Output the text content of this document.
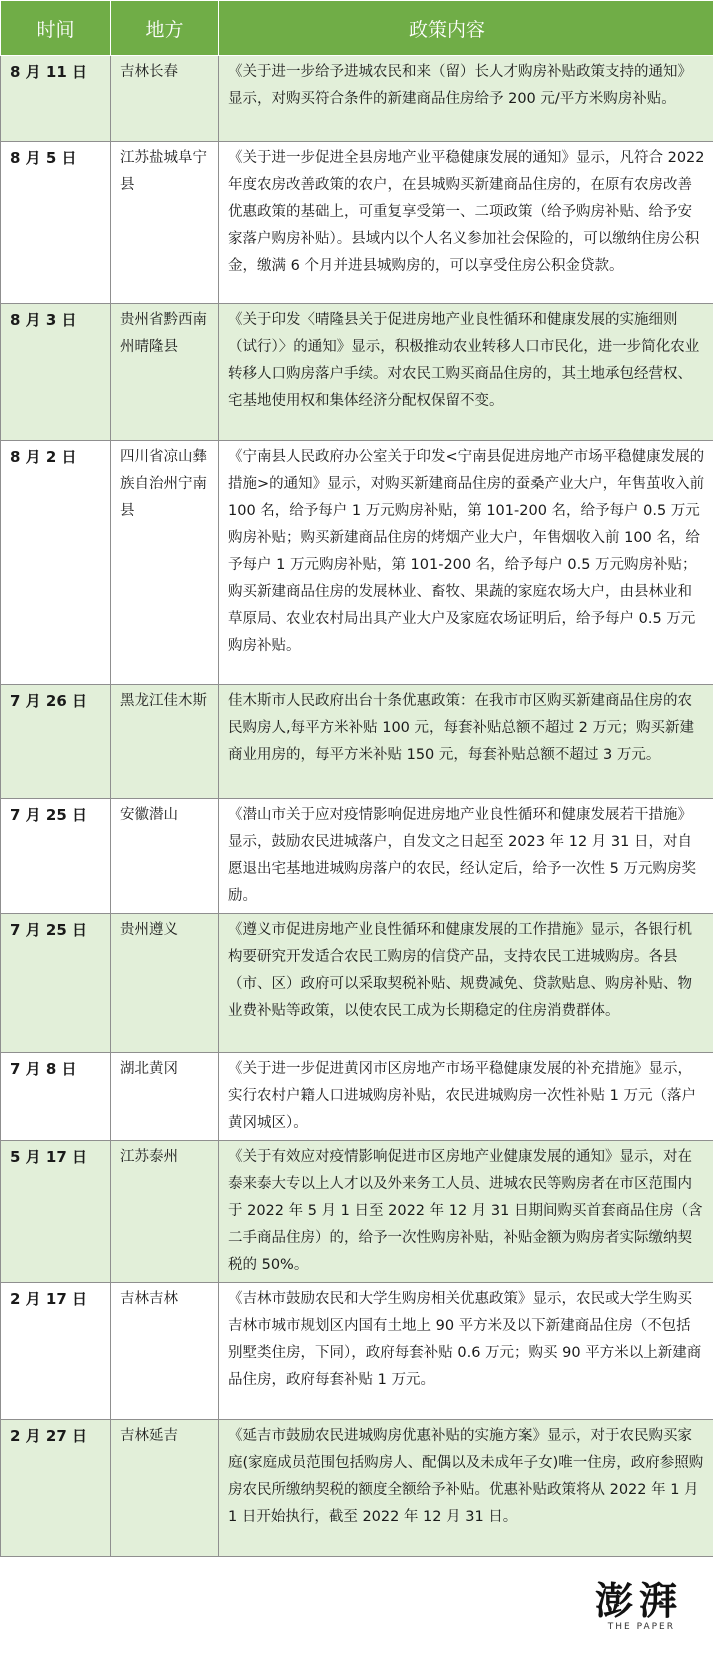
时间	地方	政策内容
8 月 11 日	吉林长春	《关于进一步给予进城农民和来（留）长人才购房补贴政策支持的通知》显示，对购买符合条件的新建商品住房给予 200 元/平方米购房补贴。
8 月 5 日	江苏盐城阜宁县	《关于进一步促进全县房地产业平稳健康发展的通知》显示，凡符合 2022 年度农房改善政策的农户，在县城购买新建商品住房的，在原有农房改善优惠政策的基础上，可重复享受第一、二项政策（给予购房补贴、给予安家落户购房补贴）。县域内以个人名义参加社会保险的，可以缴纳住房公积金，缴满 6 个月并进县城购房的，可以享受住房公积金贷款。
8 月 3 日	贵州省黔西南州晴隆县	《关于印发〈晴隆县关于促进房地产业良性循环和健康发展的实施细则（试行）〉的通知》显示，积极推动农业转移人口市民化，进一步简化农业转移人口购房落户手续。对农民工购买商品住房的，其土地承包经营权、宅基地使用权和集体经济分配权保留不变。
8 月 2 日	四川省凉山彝族自治州宁南县	《宁南县人民政府办公室关于印发<宁南县促进房地产市场平稳健康发展的措施>的通知》显示，对购买新建商品住房的蚕桑产业大户，年售茧收入前 100 名，给予每户 1 万元购房补贴，第 101-200 名，给予每户 0.5 万元购房补贴；购买新建商品住房的烤烟产业大户，年售烟收入前 100 名，给予每户 1 万元购房补贴，第 101-200 名，给予每户 0.5 万元购房补贴；购买新建商品住房的发展林业、畜牧、果蔬的家庭农场大户，由县林业和草原局、农业农村局出具产业大户及家庭农场证明后，给予每户 0.5 万元购房补贴。
7 月 26 日	黑龙江佳木斯	佳木斯市人民政府出台十条优惠政策：在我市市区购买新建商品住房的农民购房人,每平方米补贴 100 元，每套补贴总额不超过 2 万元；购买新建商业用房的，每平方米补贴 150 元，每套补贴总额不超过 3 万元。
7 月 25 日	安徽潜山	《潜山市关于应对疫情影响促进房地产业良性循环和健康发展若干措施》显示，鼓励农民进城落户，自发文之日起至 2023 年 12 月 31 日，对自愿退出宅基地进城购房落户的农民，经认定后，给予一次性 5 万元购房奖励。
7 月 25 日	贵州遵义	《遵义市促进房地产业良性循环和健康发展的工作措施》显示，各银行机构要研究开发适合农民工购房的信贷产品，支持农民工进城购房。各县（市、区）政府可以采取契税补贴、规费减免、贷款贴息、购房补贴、物业费补贴等政策，以使农民工成为长期稳定的住房消费群体。
7 月 8 日	湖北黄冈	《关于进一步促进黄冈市区房地产市场平稳健康发展的补充措施》显示，实行农村户籍人口进城购房补贴，农民进城购房一次性补贴 1 万元（落户黄冈城区）。
5 月 17 日	江苏泰州	《关于有效应对疫情影响促进市区房地产业健康发展的通知》显示，对在泰来泰大专以上人才以及外来务工人员、进城农民等购房者在市区范围内于 2022 年 5 月 1 日至 2022 年 12 月 31 日期间购买首套商品住房（含二手商品住房）的，给予一次性购房补贴，补贴金额为购房者实际缴纳契税的 50%。
2 月 17 日	吉林吉林	《吉林市鼓励农民和大学生购房相关优惠政策》显示，农民或大学生购买吉林市城市规划区内国有土地上 90 平方米及以下新建商品住房（不包括别墅类住房，下同），政府每套补贴 0.6 万元；购买 90 平方米以上新建商品住房，政府每套补贴 1 万元。
2 月 27 日	吉林延吉	《延吉市鼓励农民进城购房优惠补贴的实施方案》显示，对于农民购买家庭(家庭成员范围包括购房人、配偶以及未成年子女)唯一住房，政府参照购房农民所缴纳契税的额度全额给予补贴。优惠补贴政策将从 2022 年 1 月 1 日开始执行，截至 2022 年 12 月 31 日。
澎湃
THE PAPER
